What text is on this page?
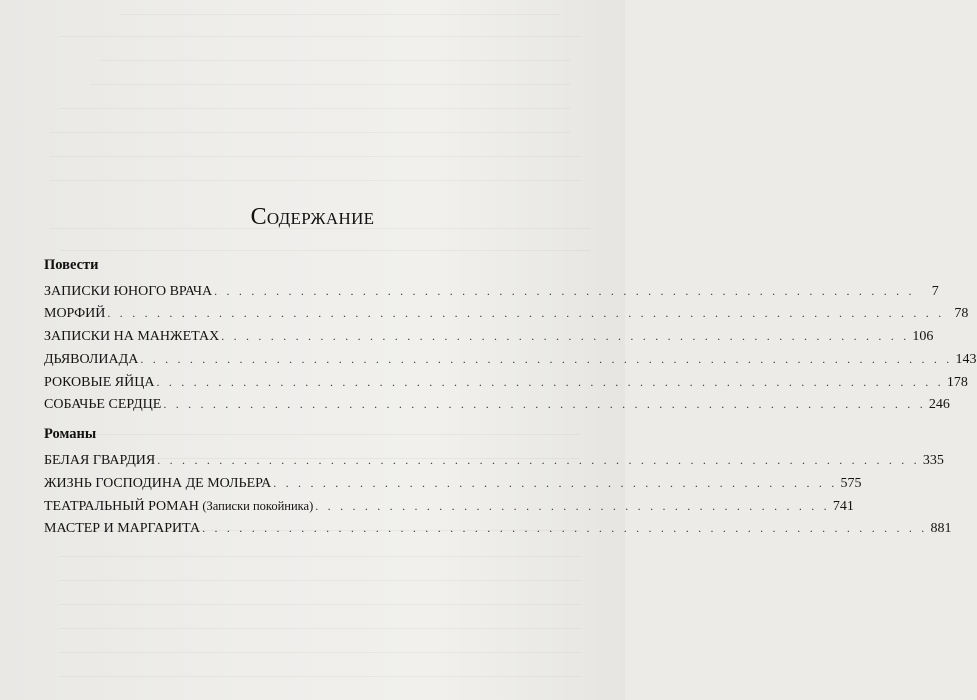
Содержание
Повести
ЗАПИСКИ ЮНОГО ВРАЧА . . . . . . . . . . . . . . . . . . . . . . . . . . . . . . . . . . . . . . . . . . . . . . . . . . . . . . . . .	7
МОРФИЙ . . . . . . . . . . . . . . . . . . . . . . . . . . . . . . . . . . . . . . . . . . . . . . . . . . . . . . . . . . . . . . . . . . . . 78
ЗАПИСКИ НА МАНЖЕТАХ . . . . . . . . . . . . . . . . . . . . . . . . . . . . . . . . . . . . . . . . . . . . . . . . . . . . . . . . 106
ДЬЯВОЛИАДА . . . . . . . . . . . . . . . . . . . . . . . . . . . . . . . . . . . . . . . . . . . . . . . . . . . . . . . . . . . . . . . . . . 143
РОКОВЫЕ ЯЙЦА . . . . . . . . . . . . . . . . . . . . . . . . . . . . . . . . . . . . . . . . . . . . . . . . . . . . . . . . . . . . . . . . 178
СОБАЧЬЕ СЕРДЦЕ . . . . . . . . . . . . . . . . . . . . . . . . . . . . . . . . . . . . . . . . . . . . . . . . . . . . . . . . . . . . . . 246
Романы
БЕЛАЯ ГВАРДИЯ . . . . . . . . . . . . . . . . . . . . . . . . . . . . . . . . . . . . . . . . . . . . . . . . . . . . . . . . . . . . . . 335
ЖИЗНЬ ГОСПОДИНА ДЕ МОЛЬЕРА . . . . . . . . . . . . . . . . . . . . . . . . . . . . . . . . . . . . . . . . . . . . . . 575
ТЕАТРАЛЬНЫЙ РОМАН (Записки покойника) . . . . . . . . . . . . . . . . . . . . . . . . . . . . . . . . . . . . . . . . . . 741
МАСТЕР И МАРГАРИТА . . . . . . . . . . . . . . . . . . . . . . . . . . . . . . . . . . . . . . . . . . . . . . . . . . . . . . . . . . . 881
